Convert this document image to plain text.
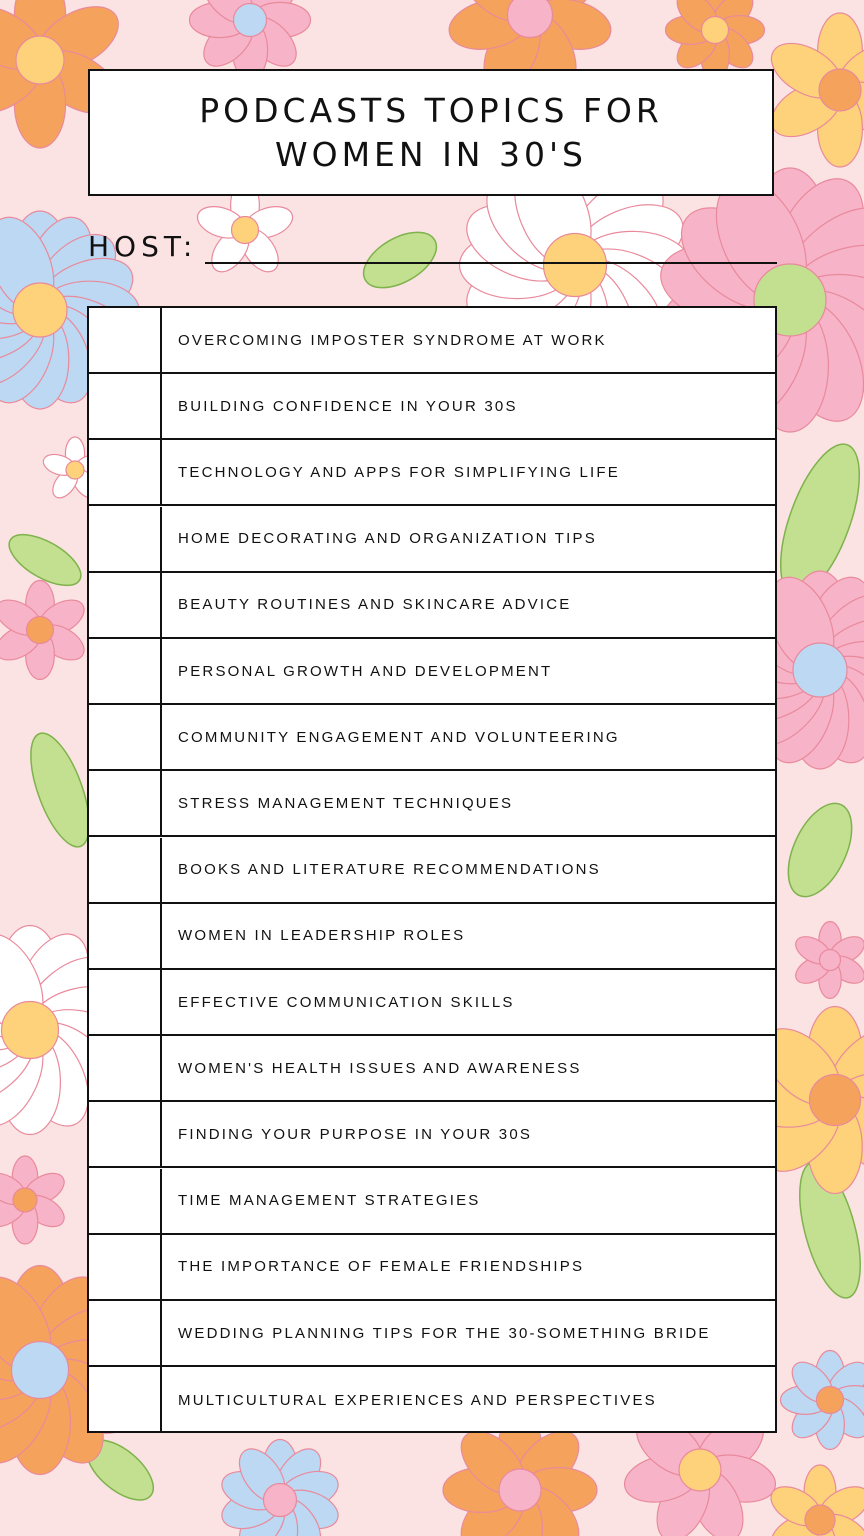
PODCASTS TOPICS FOR
WOMEN IN 30'S
HOST:
OVERCOMING IMPOSTER SYNDROME AT WORK
BUILDING CONFIDENCE IN YOUR 30S
TECHNOLOGY AND APPS FOR SIMPLIFYING LIFE
HOME DECORATING AND ORGANIZATION TIPS
BEAUTY ROUTINES AND SKINCARE ADVICE
PERSONAL GROWTH AND DEVELOPMENT
COMMUNITY ENGAGEMENT AND VOLUNTEERING
STRESS MANAGEMENT TECHNIQUES
BOOKS AND LITERATURE RECOMMENDATIONS
WOMEN IN LEADERSHIP ROLES
EFFECTIVE COMMUNICATION SKILLS
WOMEN'S HEALTH ISSUES AND AWARENESS
FINDING YOUR PURPOSE IN YOUR 30S
TIME MANAGEMENT STRATEGIES
THE IMPORTANCE OF FEMALE FRIENDSHIPS
WEDDING PLANNING TIPS FOR THE 30-SOMETHING BRIDE
MULTICULTURAL EXPERIENCES AND PERSPECTIVES
